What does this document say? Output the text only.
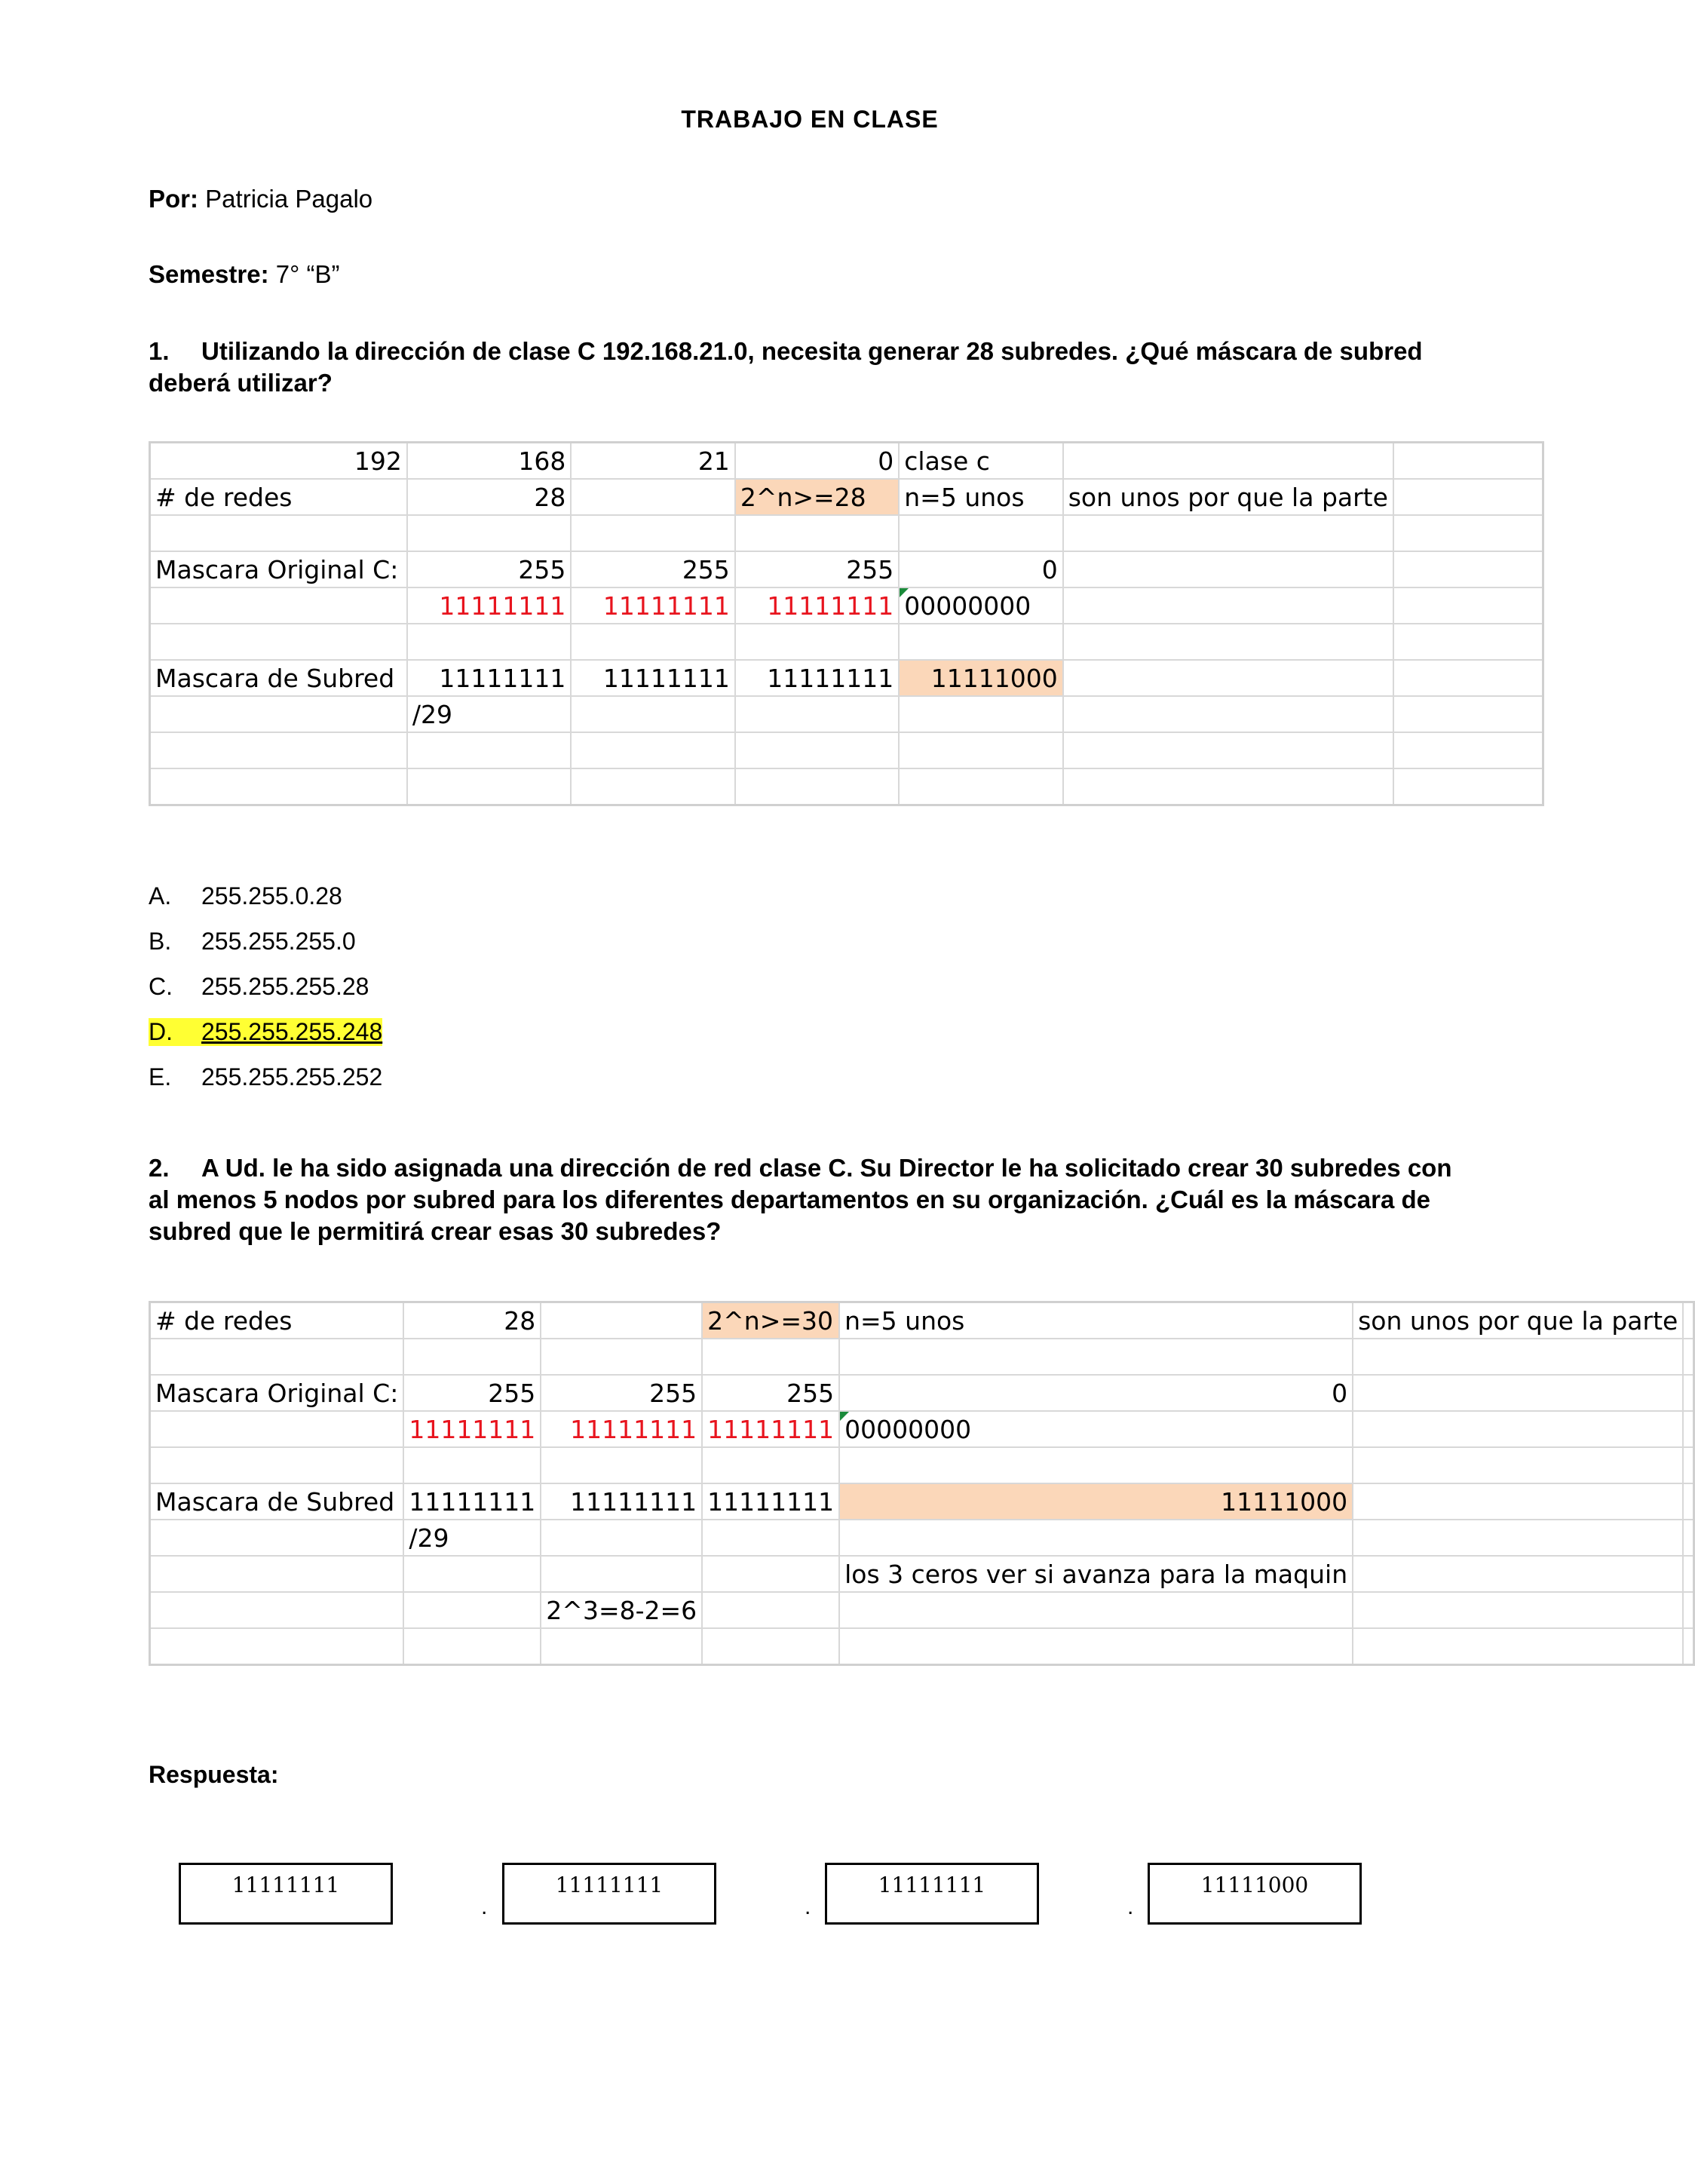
TRABAJO EN CLASE
Por: Patricia Pagalo
Semestre: 7° “B”
1. Utilizando la dirección de clase C 192.168.21.0, necesita generar 28 subredes. ¿Qué máscara de subred deberá utilizar?
192	168	21	0	clase c		
# de redes	28		2^n>=28	n=5 unos	son unos por que la parte	

Mascara Original C:	255	255	255	0		
	11111111	11111111	11111111	00000000		

Mascara de Subred	11111111	11111111	11111111	11111000		
	/29					

A. 255.255.0.28
B. 255.255.255.0
C. 255.255.255.28
D. 255.255.255.248
E. 255.255.255.252
2. A Ud. le ha sido asignada una dirección de red clase C. Su Director le ha solicitado crear 30 subredes con al menos 5 nodos por subred para los diferentes departamentos en su organización. ¿Cuál es la máscara de subred que le permitirá crear esas 30 subredes?
# de redes	28		2^n>=30	n=5 unos	son unos por que la parte	

Mascara Original C:	255	255	255	0		
	11111111	11111111	11111111	00000000		

Mascara de Subred	11111111	11111111	11111111	11111000		
	/29					
				los 3 ceros ver si avanza para la maquin		
		2^3=8-2=6				

Respuesta:
11111111
.
11111111
.
11111111
.
11111000
